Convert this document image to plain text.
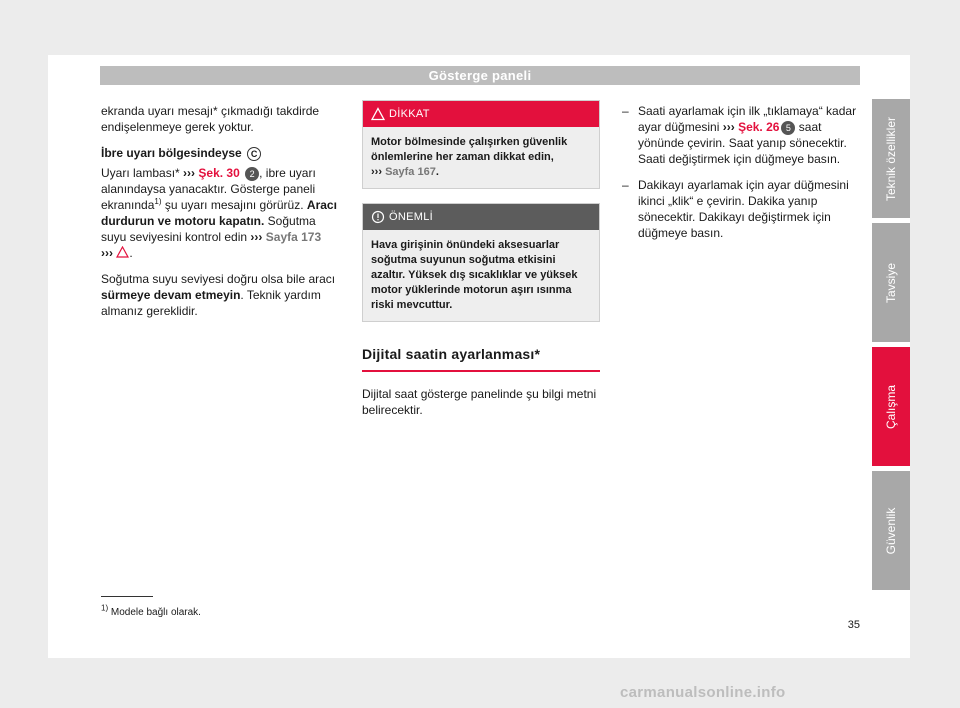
Gösterge paneli

ekranda uyarı mesajı* çıkmadığı takdirde endişelenmeye gerek yoktur.

İbre uyarı bölgesindeyse C

Uyarı lambası* ››› Şek. 30 2 , ibre uyarı alanındaysa yanacaktır. Gösterge paneli ekranında$^{1)}$ şu uyarı mesajını görürüz. Aracı durdurun ve motoru kapatın. Soğutma suyu seviyesini kontrol edin ››› Sayfa 173
››› .

Soğutma suyu seviyesi doğru olsa bile aracı sürmeye devam etmeyin. Teknik yardım almanız gereklidir.

DİKKAT
Motor bölmesinde çalışırken güvenlik önlemlerine her zaman dikkat edin,
››› Sayfa 167.
ÖNEMLİ
Hava girişinin önündeki aksesuarlar soğutma suyunun soğutma etkisini azaltır. Yüksek dış sıcaklıklar ve yüksek motor yüklerinde motorun aşırı ısınma riski mevcuttur.
Dijital saatin ayarlanması*

Dijital saat gösterge panelinde şu bilgi metni belirecektir.

– Saati ayarlamak için ilk „tıklamaya“ kadar ayar düğmesini ››› Şek. 26 5 saat yönünde çevirin. Saat yanıp sönecektir. Saati değiştirmek için düğmeye basın.
– Dakikayı ayarlamak için ayar düğmesini ikinci „klik“ e çevirin. Dakika yanıp sönecektir. Dakikayı değiştirmek için düğmeye basın.
$^{1)}$ Modele bağlı olarak.
35
Teknik özellikler
Tavsiye
Çalışma
Güvenlik
carmanualsonline.info
